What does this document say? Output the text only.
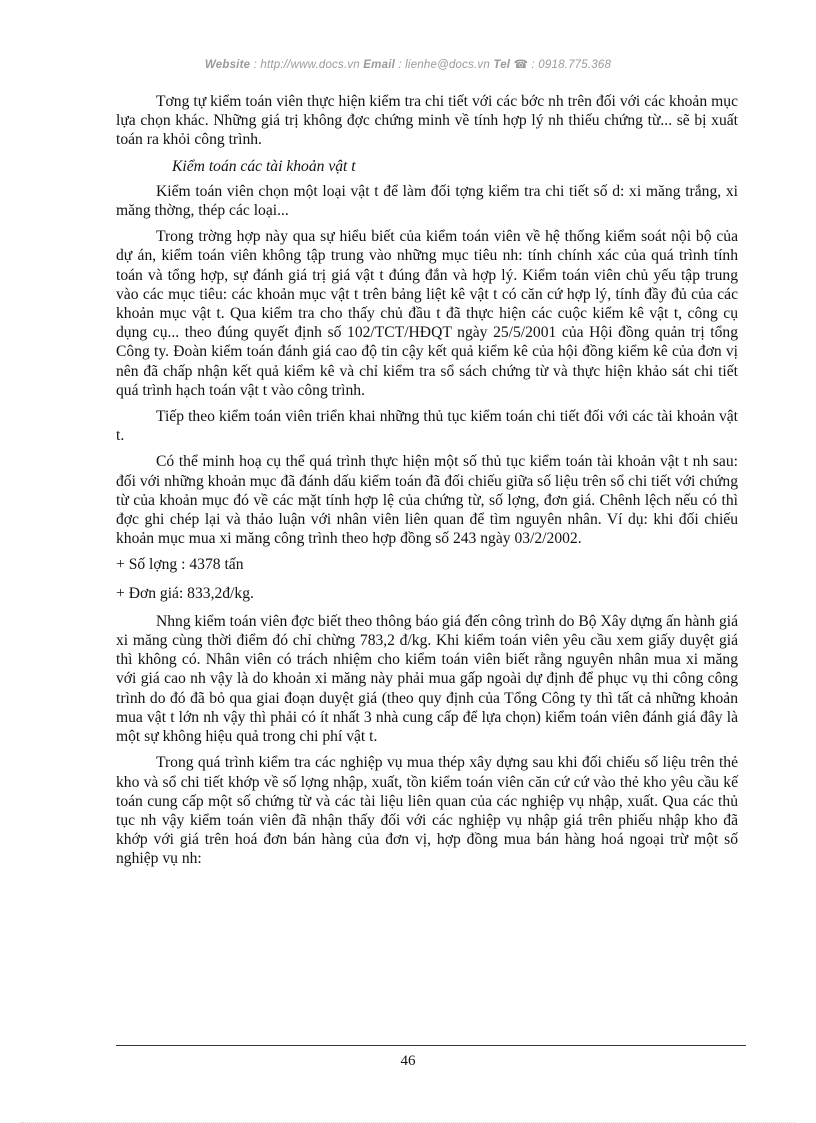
Website : http://www.docs.vn Email : lienhe@docs.vn Tel ☎ : 0918.775.368

Tơng tự kiểm toán viên thực hiện kiểm tra chi tiết với các bớc nh trên đối với các khoản mục lựa chọn khác. Những giá trị không đợc chứng minh về tính hợp lý nh thiếu chứng từ... sẽ bị xuất toán ra khỏi công trình.

Kiểm toán các tài khoản vật t

Kiểm toán viên chọn một loại vật t để làm đối tợng kiểm tra chi tiết số d: xi măng trắng, xi măng thờng, thép các loại...

Trong trờng hợp này qua sự hiểu biết của kiểm toán viên về hệ thống kiểm soát nội bộ của dự án, kiểm toán viên không tập trung vào những mục tiêu nh: tính chính xác của quá trình tính toán và tổng hợp, sự đánh giá trị giá vật t đúng đắn và hợp lý. Kiểm toán viên chủ yếu tập trung vào các mục tiêu: các khoản mục vật t trên bảng liệt kê vật t có căn cứ hợp lý, tính đầy đủ của các khoản mục vật t. Qua kiểm tra cho thấy chủ đầu t đã thực hiện các cuộc kiểm kê vật t, công cụ dụng cụ... theo đúng quyết định số 102/TCT/HĐQT ngày 25/5/2001 của Hội đồng quản trị tổng Công ty. Đoàn kiểm toán đánh giá cao độ tin cậy kết quả kiểm kê của hội đồng kiểm kê của đơn vị nên đã chấp nhận kết quả kiểm kê và chỉ kiểm tra sổ sách chứng từ và thực hiện khảo sát chi tiết quá trình hạch toán vật t vào công trình.

Tiếp theo kiểm toán viên triển khai những thủ tục kiểm toán chi tiết đối với các tài khoản vật t.

Có thể minh hoạ cụ thể quá trình thực hiện một số thủ tục kiểm toán tài khoản vật t nh sau: đối với những khoản mục đã đánh dấu kiểm toán đã đối chiếu giữa số liệu trên sổ chi tiết với chứng từ của khoản mục đó về các mặt tính hợp lệ của chứng từ, số lợng, đơn giá. Chênh lệch nếu có thì đợc ghi chép lại và thảo luận với nhân viên liên quan để tìm nguyên nhân. Ví dụ: khi đối chiếu khoản mục mua xi măng công trình theo hợp đồng số 243 ngày 03/2/2002.

+ Số lợng : 4378 tấn

+ Đơn giá: 833,2đ/kg.

Nhng kiểm toán viên đợc biết theo thông báo giá đến công trình do Bộ Xây dựng ấn hành giá xi măng cùng thời điểm đó chỉ chừng 783,2 đ/kg. Khi kiểm toán viên yêu cầu xem giấy duyệt giá thì không có. Nhân viên có trách nhiệm cho kiểm toán viên biết rằng nguyên nhân mua xi măng với giá cao nh vậy là do khoản xi măng này phải mua gấp ngoài dự định để phục vụ thi công công trình do đó đã bỏ qua giai đoạn duyệt giá (theo quy định của Tổng Công ty thì tất cả những khoản mua vật t lớn nh vậy thì phải có ít nhất 3 nhà cung cấp để lựa chọn) kiểm toán viên đánh giá đây là một sự không hiệu quả trong chi phí vật t.

Trong quá trình kiểm tra các nghiệp vụ mua thép xây dựng sau khi đối chiếu số liệu trên thẻ kho và sổ chi tiết khớp về số lợng nhập, xuất, tồn kiểm toán viên căn cứ cứ vào thẻ kho yêu cầu kế toán cung cấp một số chứng từ và các tài liệu liên quan của các nghiệp vụ nhập, xuất. Qua các thủ tục nh vậy kiểm toán viên đã nhận thấy đối với các nghiệp vụ nhập giá trên phiếu nhập kho đã khớp với giá trên hoá đơn bán hàng của đơn vị, hợp đồng mua bán hàng hoá ngoại trừ một số nghiệp vụ nh:

46
